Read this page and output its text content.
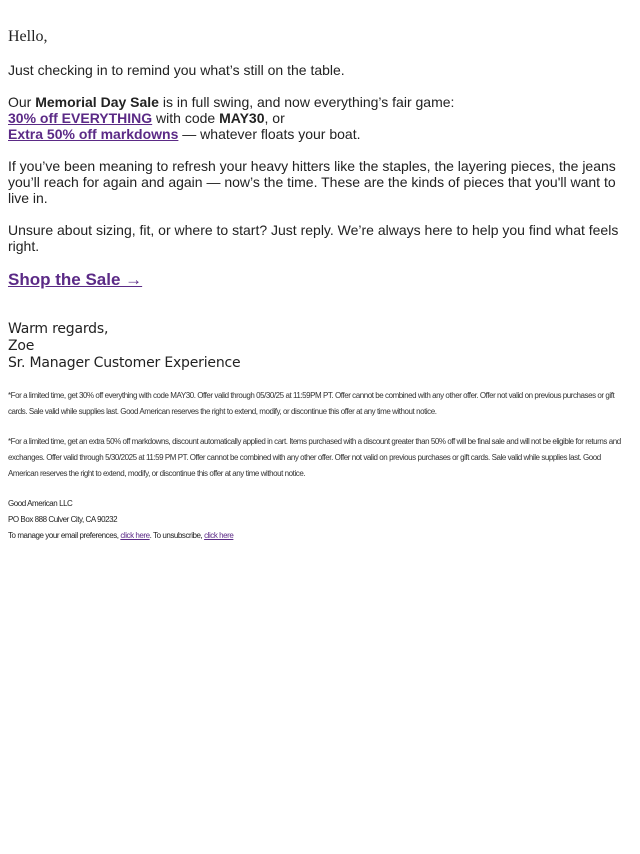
Hello,

Just checking in to remind you what’s still on the table.

Our Memorial Day Sale is in full swing, and now everything’s fair game:
30% off EVERYTHING with code MAY30, or
Extra 50% off markdowns — whatever floats your boat.

If you’ve been meaning to refresh your heavy hitters like the staples, the layering pieces, the jeans you’ll reach for again and again — now’s the time. These are the kinds of pieces that you'll want to live in.

Unsure about sizing, fit, or where to start? Just reply. We’re always here to help you find what feels right.

Shop the Sale →
Warm regards,
Zoe
Sr. Manager Customer Experience

*For a limited time, get 30% off everything with code MAY30. Offer valid through 05/30/25 at 11:59PM PT. Offer cannot be combined with any other offer. Offer not valid on previous purchases or gift cards. Sale valid while supplies last. Good American reserves the right to extend, modify, or discontinue this offer at any time without notice.

*For a limited time, get an extra 50% off markdowns, discount automatically applied in cart. Items purchased with a discount greater than 50% off will be final sale and will not be eligible for returns and exchanges. Offer valid through 5/30/2025 at 11:59 PM PT. Offer cannot be combined with any other offer. Offer not valid on previous purchases or gift cards. Sale valid while supplies last. Good American reserves the right to extend, modify, or discontinue this offer at any time without notice.

Good American LLC
PO Box 888 Culver City, CA 90232
To manage your email preferences, click here. To unsubscribe, click here
